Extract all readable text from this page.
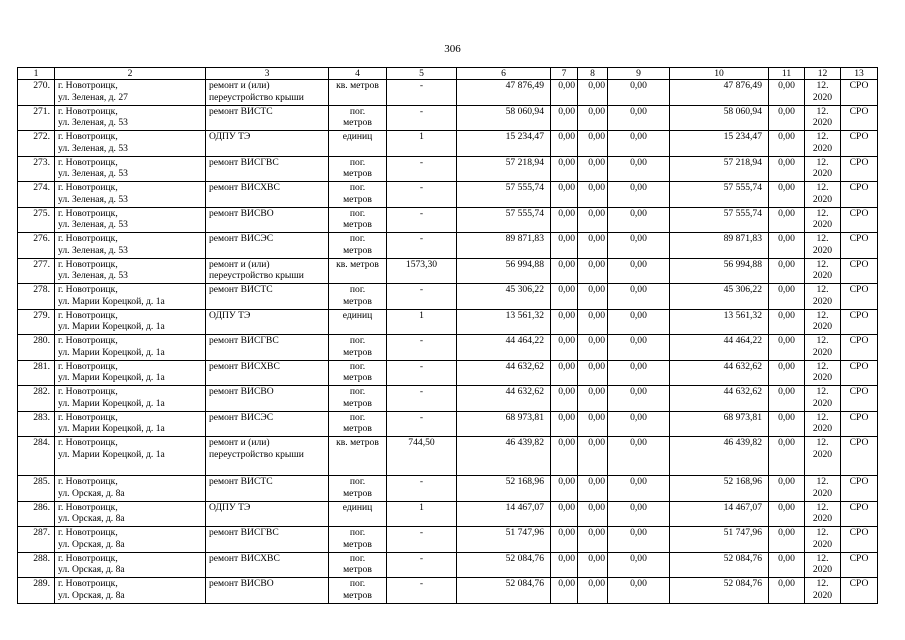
306
1	2	3	4	5	6	7	8	9	10	11	12	13

270.	г. Новотроицк,
ул. Зеленая, д. 27	ремонт и (или)
переустройство крыши	кв. метров	-	47 876,49	0,00	0,00	0,00	47 876,49	0,00	12.
2020	СРО

271.	г. Новотроицк,
ул. Зеленая, д. 53	ремонт ВИСТС	пог.
метров	-	58 060,94	0,00	0,00	0,00	58 060,94	0,00	12.
2020	СРО

272.	г. Новотроицк,
ул. Зеленая, д. 53	ОДПУ ТЭ	единиц	1	15 234,47	0,00	0,00	0,00	15 234,47	0,00	12.
2020	СРО

273.	г. Новотроицк,
ул. Зеленая, д. 53	ремонт ВИСГВС	пог.
метров	-	57 218,94	0,00	0,00	0,00	57 218,94	0,00	12.
2020	СРО

274.	г. Новотроицк,
ул. Зеленая, д. 53	ремонт ВИСХВС	пог.
метров	-	57 555,74	0,00	0,00	0,00	57 555,74	0,00	12.
2020	СРО

275.	г. Новотроицк,
ул. Зеленая, д. 53	ремонт ВИСВО	пог.
метров	-	57 555,74	0,00	0,00	0,00	57 555,74	0,00	12.
2020	СРО

276.	г. Новотроицк,
ул. Зеленая, д. 53	ремонт ВИСЭС	пог.
метров	-	89 871,83	0,00	0,00	0,00	89 871,83	0,00	12.
2020	СРО

277.	г. Новотроицк,
ул. Зеленая, д. 53	ремонт и (или)
переустройство крыши	кв. метров	1573,30	56 994,88	0,00	0,00	0,00	56 994,88	0,00	12.
2020	СРО

278.	г. Новотроицк,
ул. Марии Корецкой, д. 1а	ремонт ВИСТС	пог.
метров	-	45 306,22	0,00	0,00	0,00	45 306,22	0,00	12.
2020	СРО

279.	г. Новотроицк,
ул. Марии Корецкой, д. 1а	ОДПУ ТЭ	единиц	1	13 561,32	0,00	0,00	0,00	13 561,32	0,00	12.
2020	СРО

280.	г. Новотроицк,
ул. Марии Корецкой, д. 1а	ремонт ВИСГВС	пог.
метров	-	44 464,22	0,00	0,00	0,00	44 464,22	0,00	12.
2020	СРО

281.	г. Новотроицк,
ул. Марии Корецкой, д. 1а	ремонт ВИСХВС	пог.
метров	-	44 632,62	0,00	0,00	0,00	44 632,62	0,00	12.
2020	СРО

282.	г. Новотроицк,
ул. Марии Корецкой, д. 1а	ремонт ВИСВО	пог.
метров	-	44 632,62	0,00	0,00	0,00	44 632,62	0,00	12.
2020	СРО

283.	г. Новотроицк,
ул. Марии Корецкой, д. 1а	ремонт ВИСЭС	пог.
метров	-	68 973,81	0,00	0,00	0,00	68 973,81	0,00	12.
2020	СРО

284.	г. Новотроицк,
ул. Марии Корецкой, д. 1а	ремонт и (или)
переустройство крыши	кв. метров	744,50	46 439,82	0,00	0,00	0,00	46 439,82	0,00	12.
2020	СРО

285.	г. Новотроицк,
ул. Орская, д. 8а	ремонт ВИСТС	пог.
метров	-	52 168,96	0,00	0,00	0,00	52 168,96	0,00	12.
2020	СРО

286.	г. Новотроицк,
ул. Орская, д. 8а	ОДПУ ТЭ	единиц	1	14 467,07	0,00	0,00	0,00	14 467,07	0,00	12.
2020	СРО

287.	г. Новотроицк,
ул. Орская, д. 8а	ремонт ВИСГВС	пог.
метров	-	51 747,96	0,00	0,00	0,00	51 747,96	0,00	12.
2020	СРО

288.	г. Новотроицк,
ул. Орская, д. 8а	ремонт ВИСХВС	пог.
метров	-	52 084,76	0,00	0,00	0,00	52 084,76	0,00	12.
2020	СРО

289.	г. Новотроицк,
ул. Орская, д. 8а	ремонт ВИСВО	пог.
метров	-	52 084,76	0,00	0,00	0,00	52 084,76	0,00	12.
2020	СРО
